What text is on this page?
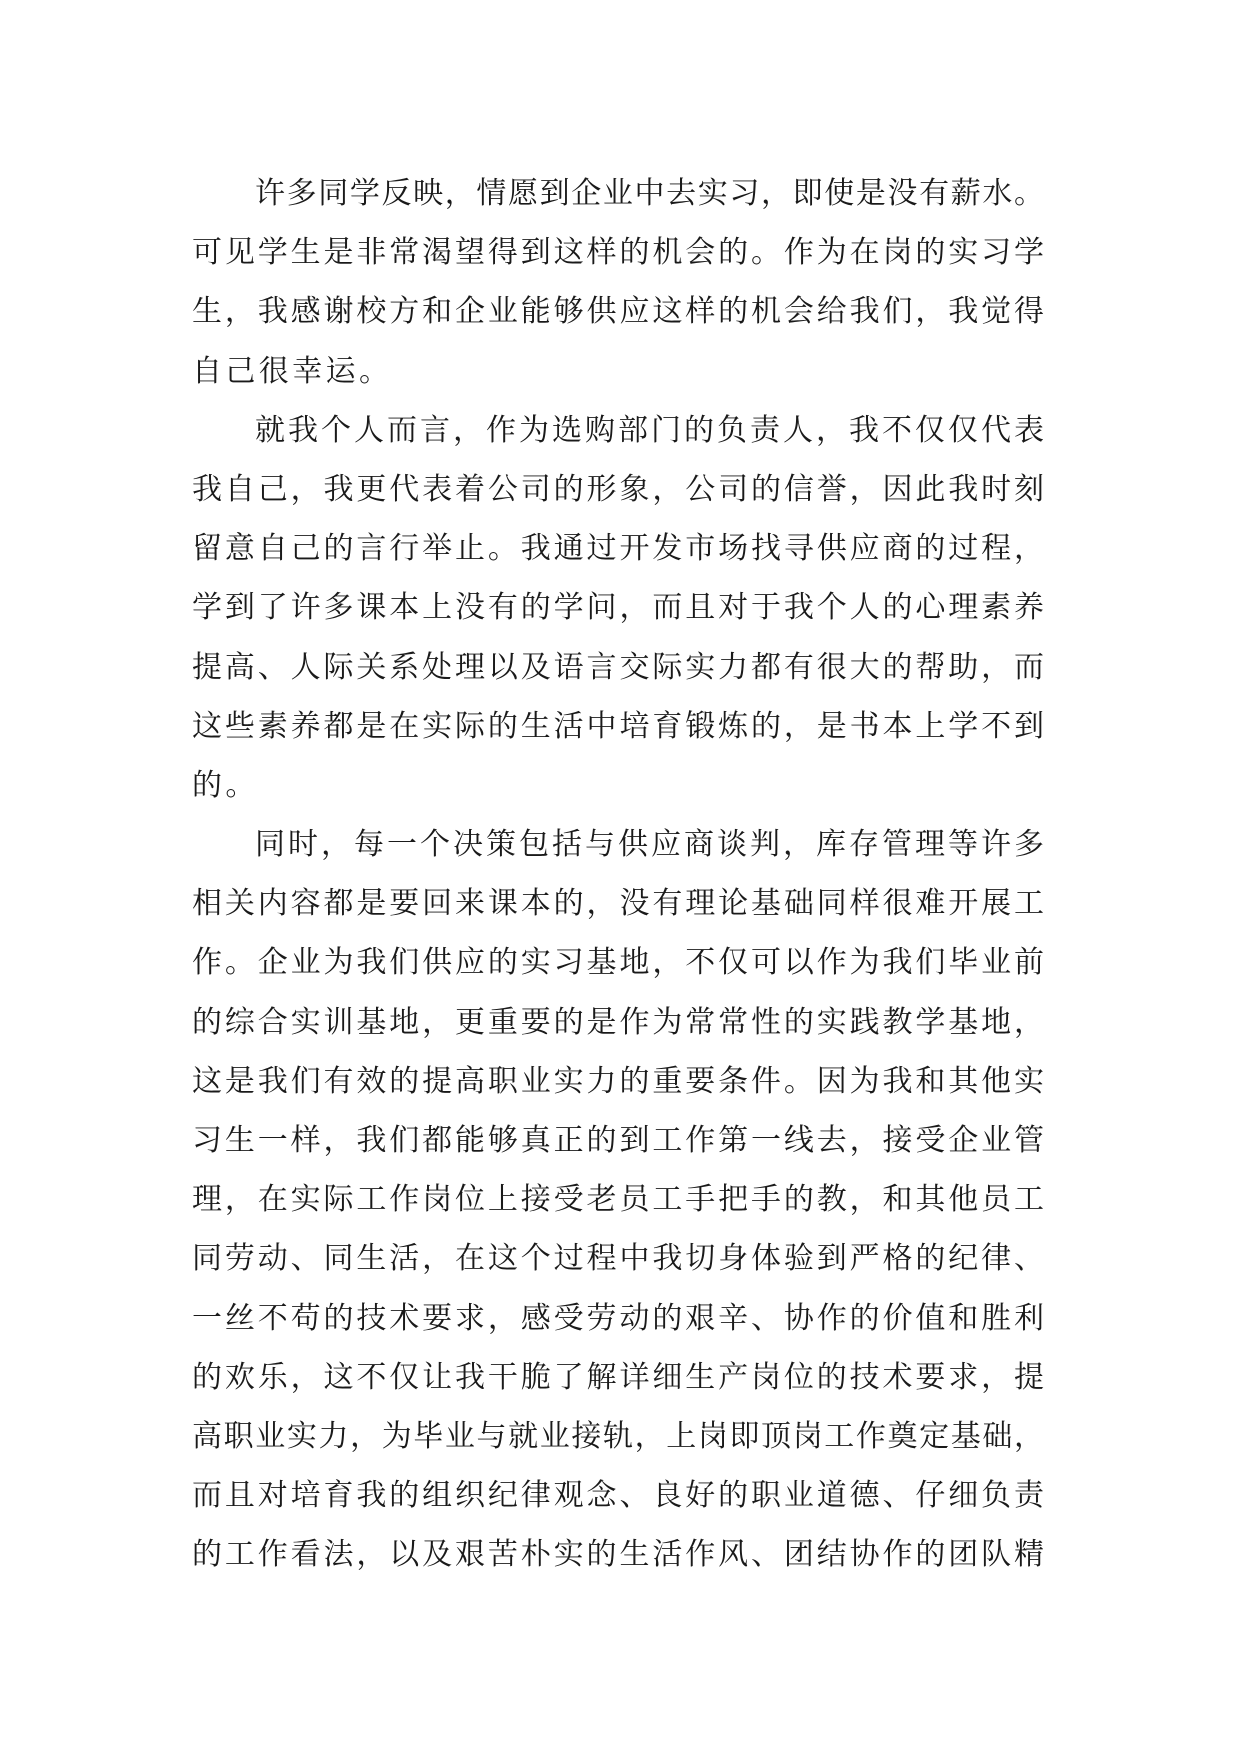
许多同学反映，情愿到企业中去实习，即使是没有薪水。
可见学生是非常渴望得到这样的机会的。作为在岗的实习学
生，我感谢校方和企业能够供应这样的机会给我们，我觉得
自己很幸运。
就我个人而言，作为选购部门的负责人，我不仅仅代表
我自己，我更代表着公司的形象，公司的信誉，因此我时刻
留意自己的言行举止。我通过开发市场找寻供应商的过程，
学到了许多课本上没有的学问，而且对于我个人的心理素养
提高、人际关系处理以及语言交际实力都有很大的帮助，而
这些素养都是在实际的生活中培育锻炼的，是书本上学不到
的。
同时，每一个决策包括与供应商谈判，库存管理等许多
相关内容都是要回来课本的，没有理论基础同样很难开展工
作。企业为我们供应的实习基地，不仅可以作为我们毕业前
的综合实训基地，更重要的是作为常常性的实践教学基地，
这是我们有效的提高职业实力的重要条件。因为我和其他实
习生一样，我们都能够真正的到工作第一线去，接受企业管
理，在实际工作岗位上接受老员工手把手的教，和其他员工
同劳动、同生活，在这个过程中我切身体验到严格的纪律、
一丝不苟的技术要求，感受劳动的艰辛、协作的价值和胜利
的欢乐，这不仅让我干脆了解详细生产岗位的技术要求，提
高职业实力，为毕业与就业接轨，上岗即顶岗工作奠定基础，
而且对培育我的组织纪律观念、良好的职业道德、仔细负责
的工作看法，以及艰苦朴实的生活作风、团结协作的团队精
